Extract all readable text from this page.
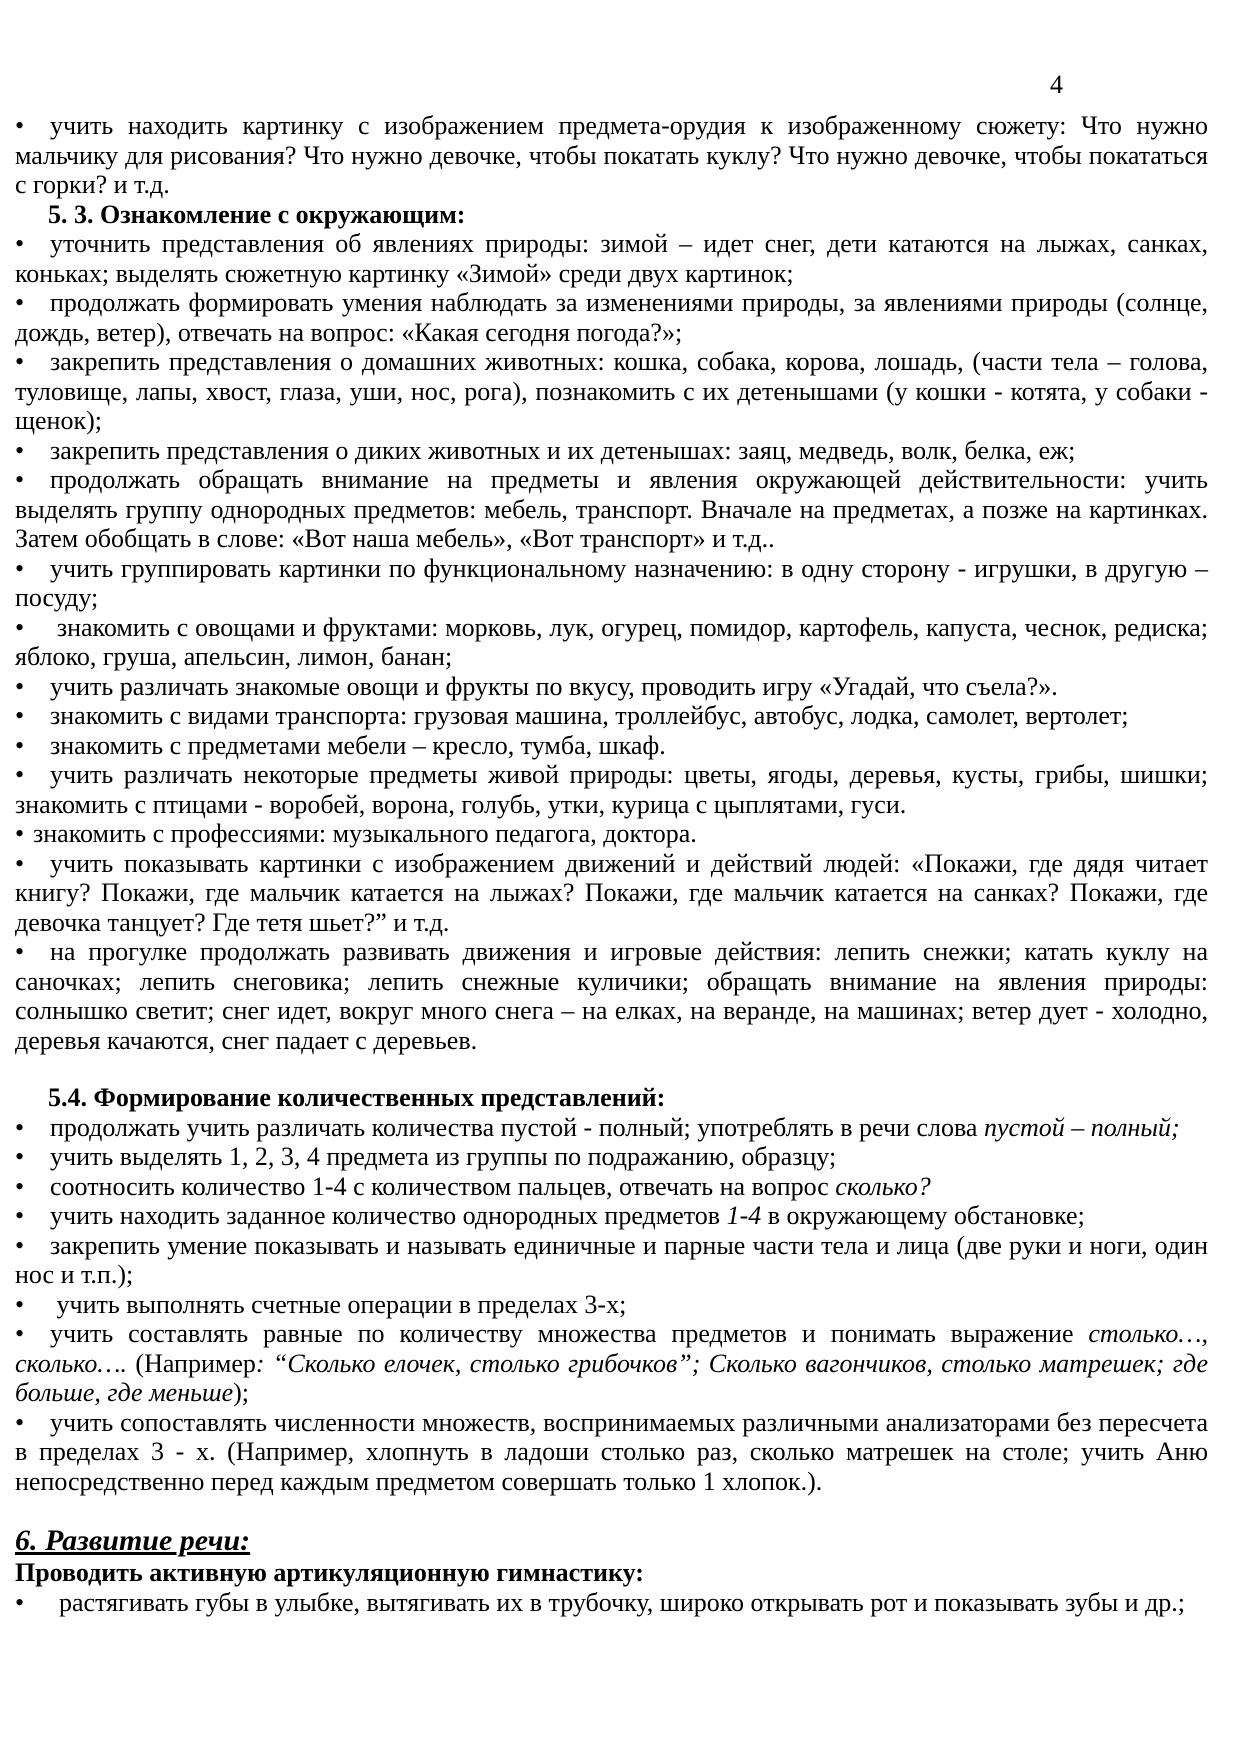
4

• учить находить картинку с изображением предмета-орудия к изображенному сюжету: Что нужно мальчику для рисования? Что нужно девочке, чтобы покатать куклу? Что нужно девочке, чтобы покататься с горки? и т.д.

5. 3. Ознакомление с окружающим:

• уточнить представления об явлениях природы: зимой – идет снег, дети катаются на лыжах, санках, коньках; выделять сюжетную картинку «Зимой» среди двух картинок;

• продолжать формировать умения наблюдать за изменениями природы, за явлениями природы (солнце, дождь, ветер), отвечать на вопрос: «Какая сегодня погода?»;

• закрепить представления о домашних животных: кошка, собака, корова, лошадь, (части тела – голова, туловище, лапы, хвост, глаза, уши, нос, рога), познакомить с их детенышами (у кошки - котята, у собаки - щенок);

• закрепить представления о диких животных и их детенышах: заяц, медведь, волк, белка, еж;

• продолжать обращать внимание на предметы и явления окружающей действительности: учить выделять группу однородных предметов: мебель, транспорт. Вначале на предметах, а позже на картинках. Затем обобщать в слове: «Вот наша мебель», «Вот транспорт» и т.д..

• учить группировать картинки по функциональному назначению: в одну сторону - игрушки, в другую – посуду;

• знакомить с овощами и фруктами: морковь, лук, огурец, помидор, картофель, капуста, чеснок, редиска; яблоко, груша, апельсин, лимон, банан;

• учить различать знакомые овощи и фрукты по вкусу, проводить игру «Угадай, что съела?».

• знакомить с видами транспорта: грузовая машина, троллейбус, автобус, лодка, самолет, вертолет;

• знакомить с предметами мебели – кресло, тумба, шкаф.

• учить различать некоторые предметы живой природы: цветы, ягоды, деревья, кусты, грибы, шишки; знакомить с птицами - воробей, ворона, голубь, утки, курица с цыплятами, гуси.

• знакомить с профессиями: музыкального педагога, доктора.

• учить показывать картинки с изображением движений и действий людей: «Покажи, где дядя читает книгу? Покажи, где мальчик катается на лыжах? Покажи, где мальчик катается на санках? Покажи, где девочка танцует? Где тетя шьет?” и т.д.

• на прогулке продолжать развивать движения и игровые действия: лепить снежки; катать куклу на саночках; лепить снеговика; лепить снежные куличики; обращать внимание на явления природы: солнышко светит; снег идет, вокруг много снега – на елках, на веранде, на машинах; ветер дует - холодно, деревья качаются, снег падает с деревьев.

5.4. Формирование количественных представлений:

• продолжать учить различать количества пустой - полный; употреблять в речи слова пустой – полный;

• учить выделять 1, 2, 3, 4 предмета из группы по подражанию, образцу;

• соотносить количество 1-4 с количеством пальцев, отвечать на вопрос сколько?

• учить находить заданное количество однородных предметов 1-4 в окружающему обстановке;

• закрепить умение показывать и называть единичные и парные части тела и лица (две руки и ноги, один нос и т.п.);

• учить выполнять счетные операции в пределах 3-х;

• учить составлять равные по количеству множества предметов и понимать выражение столько…, сколько…. (Например: “Сколько елочек, столько грибочков”; Сколько вагончиков, столько матрешек; где больше, где меньше);

• учить сопоставлять численности множеств, воспринимаемых различными анализаторами без пересчета в пределах 3 - х. (Например, хлопнуть в ладоши столько раз, сколько матрешек на столе; учить Аню непосредственно перед каждым предметом совершать только 1 хлопок.).

6. Развитие речи:

Проводить активную артикуляционную гимнастику:

• растягивать губы в улыбке, вытягивать их в трубочку, широко открывать рот и показывать зубы и др.;
